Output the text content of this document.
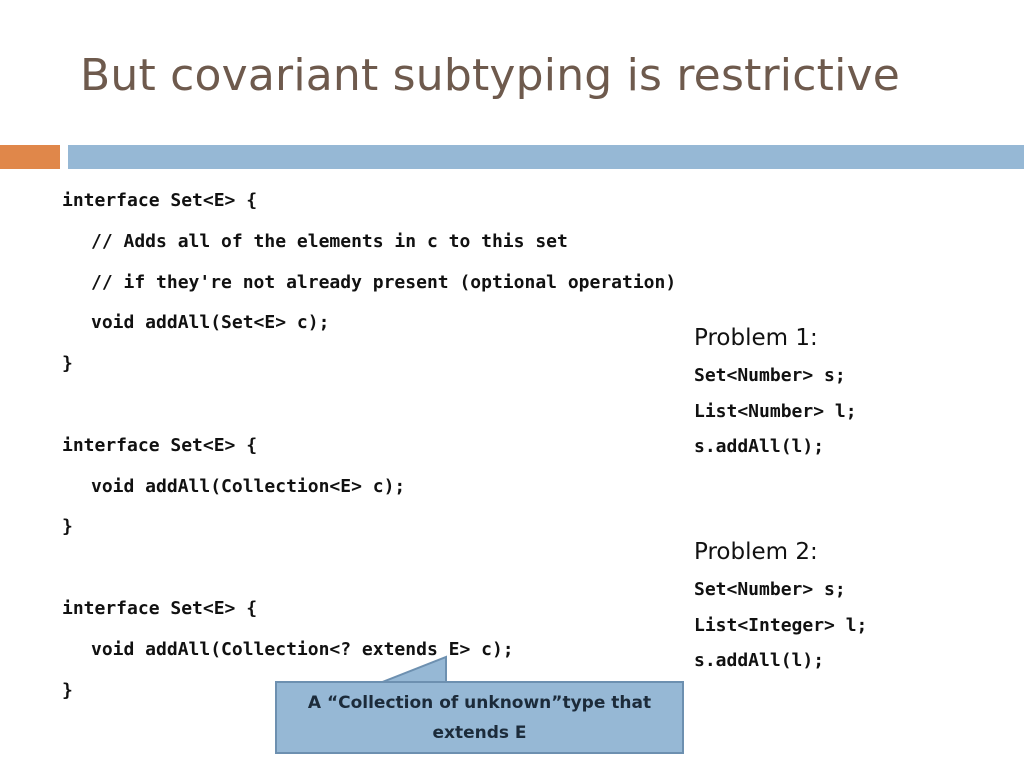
But covariant subtyping is restrictive
interface Set<E> {
// Adds all of the elements in c to this set
// if they're not already present (optional operation)
void addAll(Set<E> c);
}
interface Set<E> {
void addAll(Collection<E> c);
}
interface Set<E> {
void addAll(Collection<? extends E> c);
}
Problem 1:
Set<Number> s;
List<Number> l;
s.addAll(l);
Problem 2:
Set<Number> s;
List<Integer> l;
s.addAll(l);
A “Collection of unknown”type that extends E
